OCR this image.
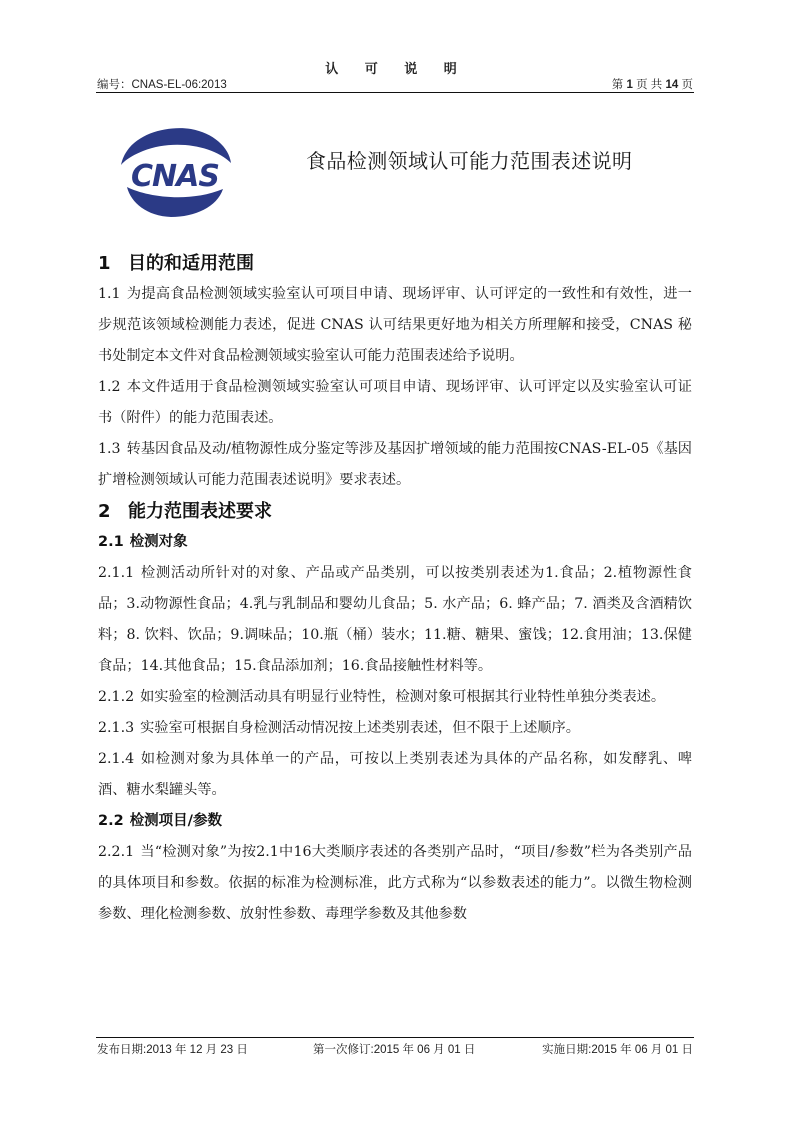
认 可 说 明
编号：CNAS-EL-06:2013	第 1 页 共 14 页
CNAS	食品检测领域认可能力范围表述说明
1 目的和适用范围

1.1 为提高食品检测领域实验室认可项目申请、现场评审、认可评定的一致性和有效性，进一步规范该领域检测能力表述，促进 CNAS 认可结果更好地为相关方所理解和接受，CNAS 秘书处制定本文件对食品检测领域实验室认可能力范围表述给予说明。

1.2 本文件适用于食品检测领域实验室认可项目申请、现场评审、认可评定以及实验室认可证书（附件）的能力范围表述。

1.3 转基因食品及动/植物源性成分鉴定等涉及基因扩增领域的能力范围按CNAS-EL-05《基因扩增检测领域认可能力范围表述说明》要求表述。

2 能力范围表述要求
2.1 检测对象

2.1.1 检测活动所针对的对象、产品或产品类别，可以按类别表述为1.食品；2.植物源性食品；3.动物源性食品；4.乳与乳制品和婴幼儿食品；5. 水产品；6. 蜂产品；7. 酒类及含酒精饮料；8. 饮料、饮品；9.调味品；10.瓶（桶）装水；11.糖、糖果、蜜饯；12.食用油；13.保健食品；14.其他食品；15.食品添加剂；16.食品接触性材料等。

2.1.2 如实验室的检测活动具有明显行业特性，检测对象可根据其行业特性单独分类表述。

2.1.3 实验室可根据自身检测活动情况按上述类别表述，但不限于上述顺序。

2.1.4 如检测对象为具体单一的产品，可按以上类别表述为具体的产品名称，如发酵乳、啤酒、糖水梨罐头等。

2.2 检测项目/参数

2.2.1 当“检测对象”为按2.1中16大类顺序表述的各类别产品时，“项目/参数”栏为各类别产品的具体项目和参数。依据的标准为检测标准，此方式称为“以参数表述的能力”。以微生物检测参数、理化检测参数、放射性参数、毒理学参数及其他参数

发布日期:2013 年 12 月 23 日	第一次修订:2015 年 06 月 01 日	实施日期:2015 年 06 月 01 日
